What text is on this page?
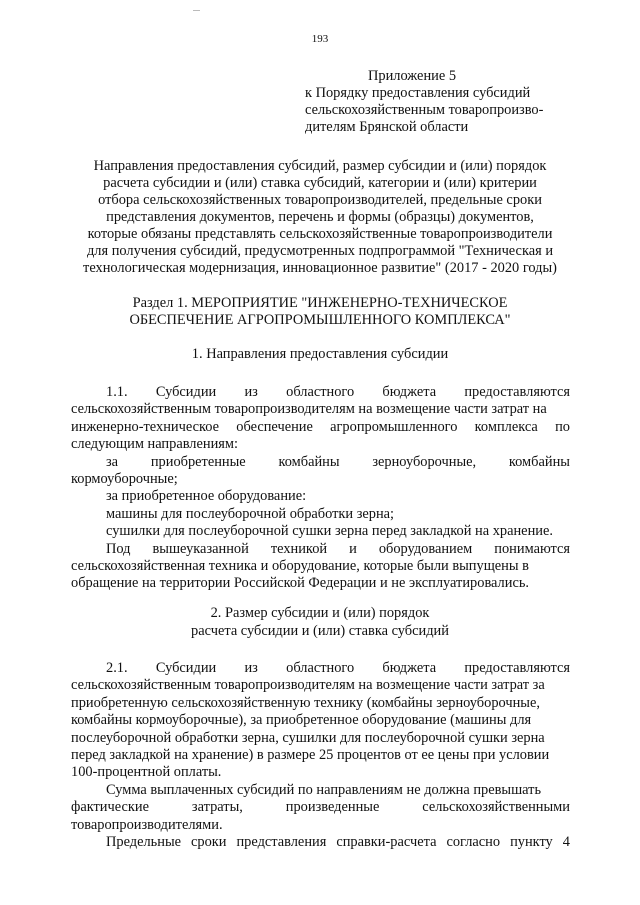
193
Приложение 5
к Порядку предоставления субсидий
сельскохозяйственным товаропроизво-
дителям Брянской области
Направления предоставления субсидий, размер субсидии и (или) порядок
расчета субсидии и (или) ставка субсидий, категории и (или) критерии
отбора сельскохозяйственных товаропроизводителей, предельные сроки
представления документов, перечень и формы (образцы) документов,
которые обязаны представлять сельскохозяйственные товаропроизводители
для получения субсидий, предусмотренных подпрограммой "Техническая и
технологическая модернизация, инновационное развитие" (2017 - 2020 годы)
Раздел 1. МЕРОПРИЯТИЕ "ИНЖЕНЕРНО-ТЕХНИЧЕСКОЕ
ОБЕСПЕЧЕНИЕ АГРОПРОМЫШЛЕННОГО КОМПЛЕКСА"
1. Направления предоставления субсидии
1.1. Субсидии из областного бюджета предоставляются
сельскохозяйственным товаропроизводителям на возмещение части затрат на
инженерно-техническое обеспечение агропромышленного комплекса по
следующим направлениям:
за приобретенные комбайны зерноуборочные, комбайны
кормоуборочные;
за приобретенное оборудование:
машины для послеуборочной обработки зерна;
сушилки для послеуборочной сушки зерна перед закладкой на хранение.
Под вышеуказанной техникой и оборудованием понимаются
сельскохозяйственная техника и оборудование, которые были выпущены в
обращение на территории Российской Федерации и не эксплуатировались.
2. Размер субсидии и (или) порядок
расчета субсидии и (или) ставка субсидий
2.1. Субсидии из областного бюджета предоставляются
сельскохозяйственным товаропроизводителям на возмещение части затрат за
приобретенную сельскохозяйственную технику (комбайны зерноуборочные,
комбайны кормоуборочные), за приобретенное оборудование (машины для
послеуборочной обработки зерна, сушилки для послеуборочной сушки зерна
перед закладкой на хранение) в размере 25 процентов от ее цены при условии
100-процентной оплаты.
Сумма выплаченных субсидий по направлениям не должна превышать
фактические	затраты,	произведенные	сельскохозяйственными
товаропроизводителями.
Предельные сроки представления справки-расчета согласно пункту 4
